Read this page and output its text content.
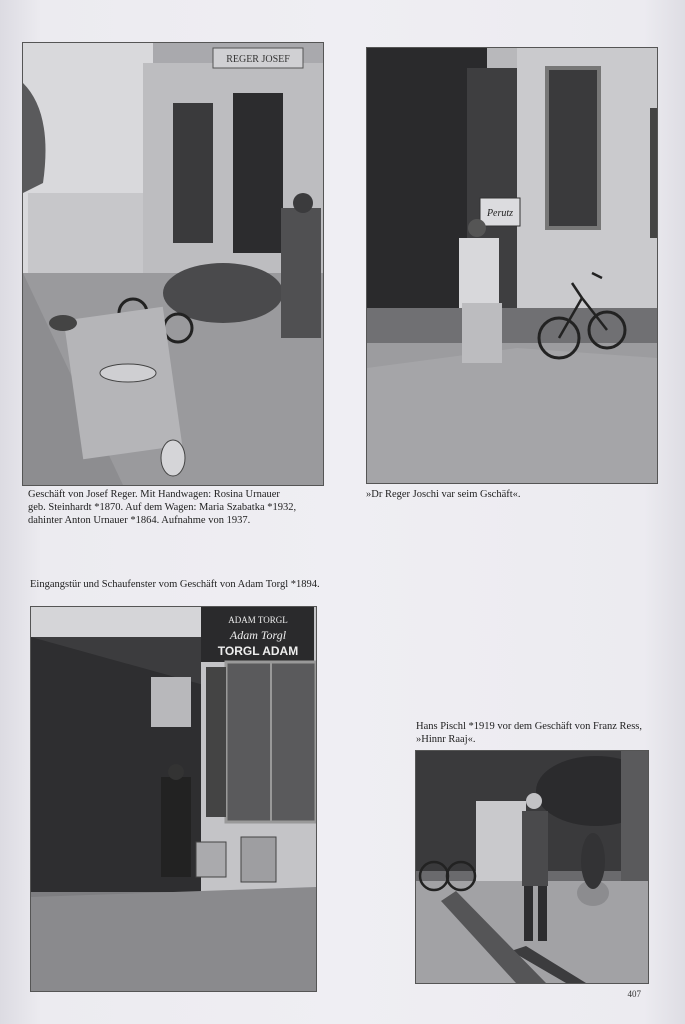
REGER JOSEF
Perutz
Geschäft von Josef Reger. Mit Handwagen: Rosina Urnauer geb. Steinhardt *1870. Auf dem Wagen: Maria Szabatka *1932, dahinter Anton Urnauer *1864. Aufnahme von 1937.
»Dr Reger Joschi var seim Gschäft«.
Eingangstür und Schaufenster vom Geschäft von Adam Torgl *1894.
ADAM TORGL
Adam Torgl
TORGL ADAM
Hans Pischl *1919 vor dem Geschäft von Franz Ress, »Hinnr Raaj«.
407
